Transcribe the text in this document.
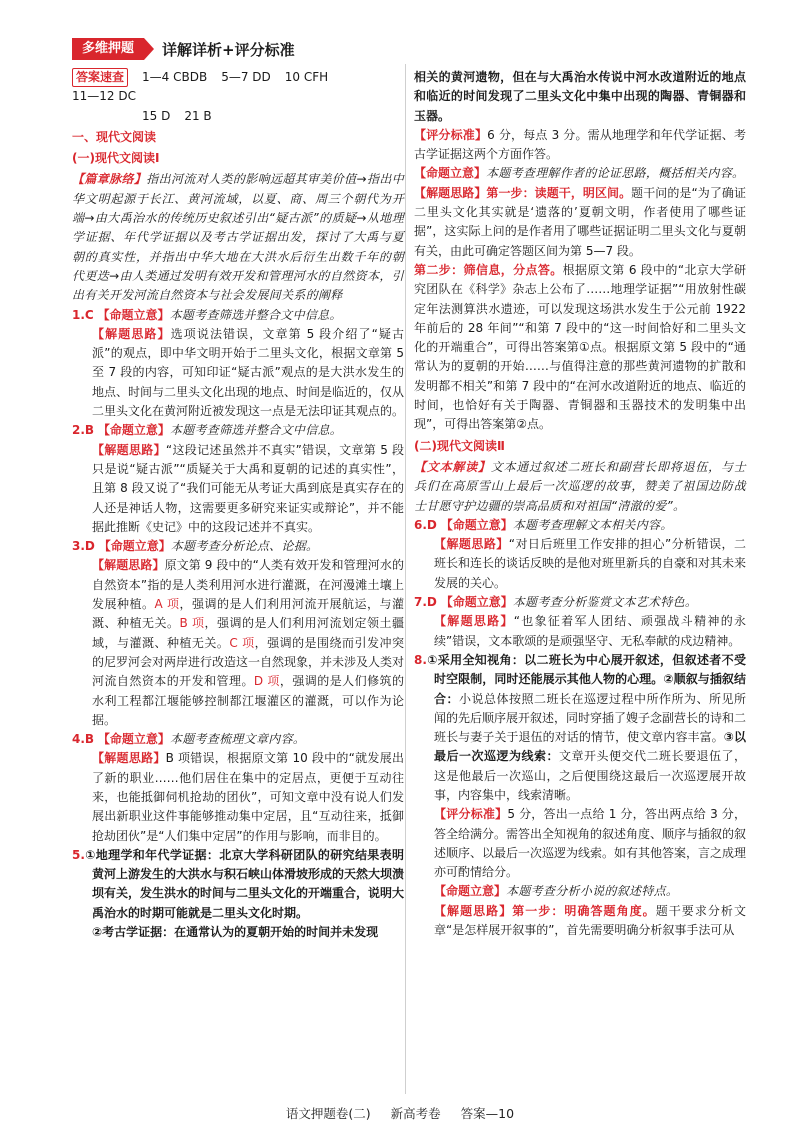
多维押题	详解详析+评分标准
答案速查	1—4 CBDB 5—7 DD 10 CFH
11—12 DC
15 D 21 B
一、现代文阅读
(一)现代文阅读Ⅰ

【篇章脉络】指出河流对人类的影响远超其审美价值→指出中华文明起源于长江、黄河流域，以夏、商、周三个朝代为开端→由大禹治水的传统历史叙述引出“疑古派”的质疑→从地理学证据、年代学证据以及考古学证据出发，探讨了大禹与夏朝的真实性，并指出中华大地在大洪水后衍生出数千年的朝代更迭→由人类通过发明有效开发和管理河水的自然资本，引出有关开发河流自然资本与社会发展间关系的阐释

1.C 【命题立意】本题考查筛选并整合文中信息。

【解题思路】选项说法错误，文章第 5 段介绍了“疑古派”的观点，即中华文明开始于二里头文化，根据文章第 5 至 7 段的内容，可知印证“疑古派”观点的是大洪水发生的地点、时间与二里头文化出现的地点、时间是临近的，仅从二里头文化在黄河附近被发现这一点是无法印证其观点的。

2.B 【命题立意】本题考查筛选并整合文中信息。

【解题思路】“这段记述虽然并不真实”错误，文章第 5 段只是说“疑古派”“质疑关于大禹和夏朝的记述的真实性”，且第 8 段又说了“我们可能无从考证大禹到底是真实存在的人还是神话人物，这需要更多研究来证实或辩论”，并不能据此推断《史记》中的这段记述并不真实。

3.D 【命题立意】本题考查分析论点、论据。

【解题思路】原文第 9 段中的“人类有效开发和管理河水的自然资本”指的是人类利用河水进行灌溉，在河漫滩土壤上发展种植。A 项，强调的是人们利用河流开展航运，与灌溉、种植无关。B 项，强调的是人们利用河流划定领土疆域，与灌溉、种植无关。C 项，强调的是围绕而引发冲突的尼罗河会对两岸进行改造这一自然现象，并未涉及人类对河流自然资本的开发和管理。D 项，强调的是人们修筑的水利工程都江堰能够控制都江堰灌区的灌溉，可以作为论据。

4.B 【命题立意】本题考查梳理文章内容。

【解题思路】B 项错误，根据原文第 10 段中的“就发展出了新的职业……他们居住在集中的定居点，更便于互动往来，也能抵御伺机抢劫的团伙”，可知文章中没有说人们发展出新职业这件事能够推动集中定居，且“互动往来，抵御抢劫团伙”是“人们集中定居”的作用与影响，而非目的。

5.①地理学和年代学证据：北京大学科研团队的研究结果表明黄河上游发生的大洪水与积石峡山体滑坡形成的天然大坝溃坝有关，发生洪水的时间与二里头文化的开端重合，说明大禹治水的时期可能就是二里头文化时期。

②考古学证据：在通常认为的夏朝开始的时间并未发现

相关的黄河遗物，但在与大禹治水传说中河水改道附近的地点和临近的时间发现了二里头文化中集中出现的陶器、青铜器和玉器。

【评分标准】6 分，每点 3 分。需从地理学和年代学证据、考古学证据这两个方面作答。

【命题立意】本题考查理解作者的论证思路，概括相关内容。

【解题思路】第一步：读题干，明区间。题干问的是“为了确证二里头文化其实就是‘遗落的’夏朝文明，作者使用了哪些证据”，这实际上问的是作者用了哪些证据证明二里头文化与夏朝有关，由此可确定答题区间为第 5—7 段。

第二步：筛信息，分点答。根据原文第 6 段中的“北京大学研究团队在《科学》杂志上公布了……地理学证据”“用放射性碳定年法测算洪水遗迹，可以发现这场洪水发生于公元前 1922 年前后的 28 年间”“和第 7 段中的“这一时间恰好和二里头文化的开端重合”，可得出答案第①点。根据原文第 5 段中的“通常认为的夏朝的开始……与值得注意的那些黄河遗物的扩散和发明都不相关”和第 7 段中的“在河水改道附近的地点、临近的时间，也恰好有关于陶器、青铜器和玉器技术的发明集中出现”，可得出答案第②点。

(二)现代文阅读Ⅱ

【文本解读】文本通过叙述二班长和副营长即将退伍，与士兵们在高原雪山上最后一次巡逻的故事，赞美了祖国边防战士甘愿守护边疆的崇高品质和对祖国“清澈的爱”。

6.D 【命题立意】本题考查理解文本相关内容。

【解题思路】“对日后班里工作安排的担心”分析错误，二班长和连长的谈话反映的是他对班里新兵的自豪和对其未来发展的关心。

7.D 【命题立意】本题考查分析鉴赏文本艺术特色。

【解题思路】“也象征着军人团结、顽强战斗精神的永续”错误，文本歌颂的是顽强坚守、无私奉献的戍边精神。

8.①采用全知视角：以二班长为中心展开叙述，但叙述者不受时空限制，同时还能展示其他人物的心理。②顺叙与插叙结合：小说总体按照二班长在巡逻过程中所作所为、所见所闻的先后顺序展开叙述，同时穿插了嫂子念副营长的诗和二班长与妻子关于退伍的对话的情节，使文章内容丰富。③以最后一次巡逻为线索：文章开头便交代二班长要退伍了，这是他最后一次巡山，之后便围绕这最后一次巡逻展开故事，内容集中，线索清晰。

【评分标准】5 分，答出一点给 1 分，答出两点给 3 分，答全给满分。需答出全知视角的叙述角度、顺序与插叙的叙述顺序、以最后一次巡逻为线索。如有其他答案，言之成理亦可酌情给分。

【命题立意】本题考查分析小说的叙述特点。

【解题思路】第一步：明确答题角度。题干要求分析文章“是怎样展开叙事的”，首先需要明确分析叙事手法可从

语文押题卷(二) 新高考卷 答案—10
